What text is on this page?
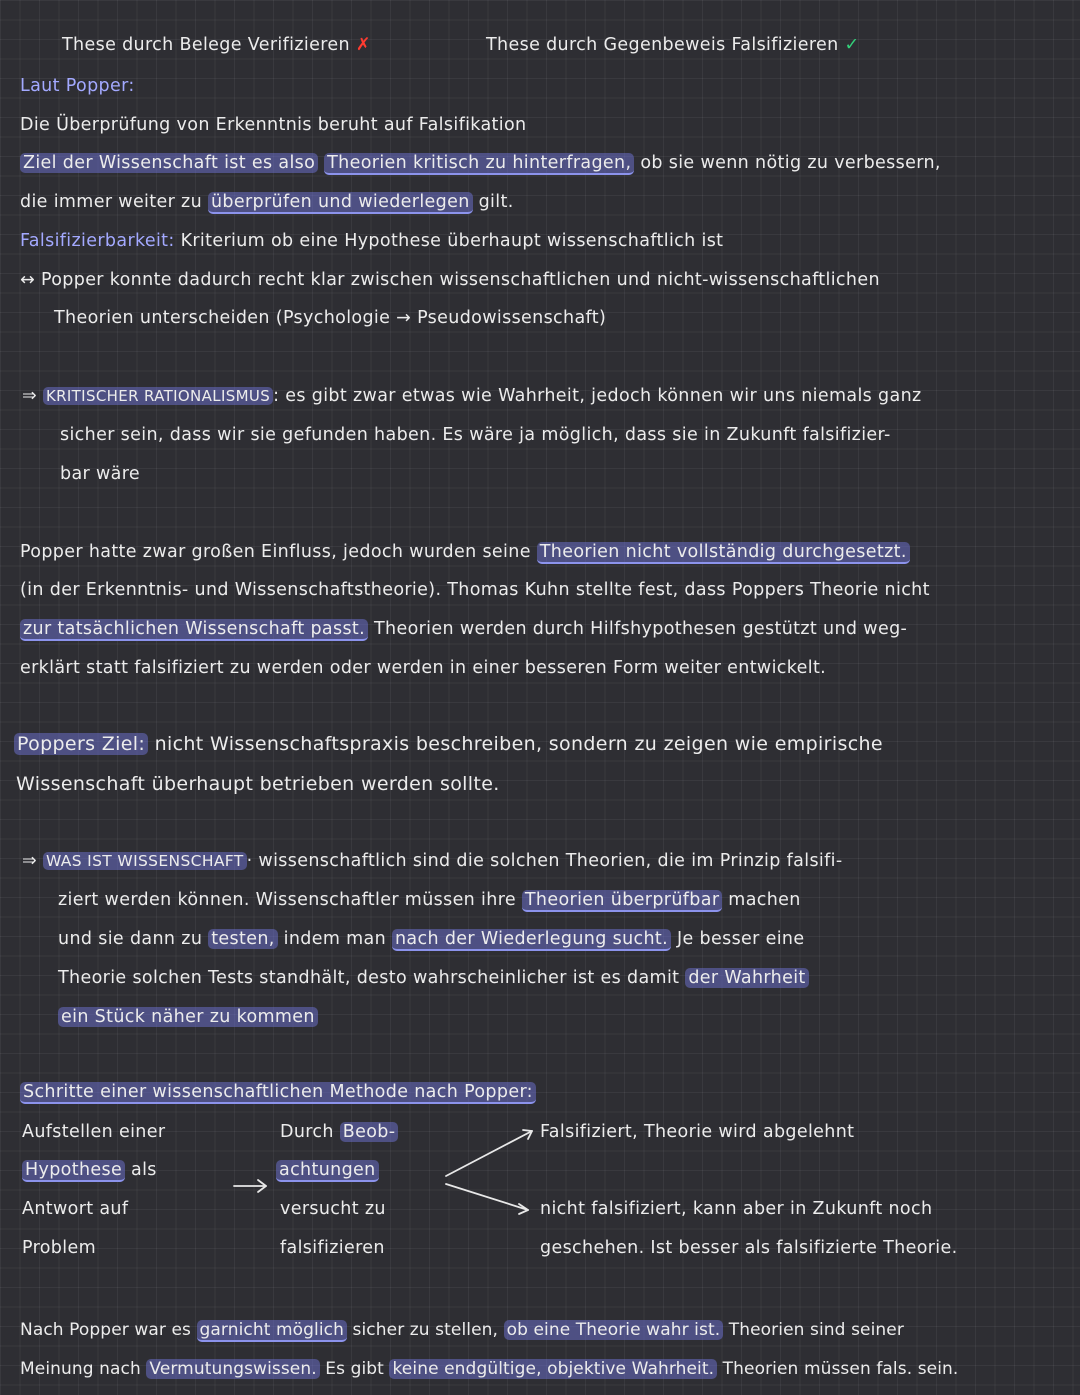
These durch Belege Verifizieren ✗	These durch Gegenbeweis Falsifizieren ✓
Laut Popper:
Die Überprüfung von Erkenntnis beruht auf Falsifikation
Ziel der Wissenschaft ist es also Theorien kritisch zu hinterfragen, ob sie wenn nötig zu verbessern,
die immer weiter zu überprüfen und wiederlegen gilt.
Falsifizierbarkeit: Kriterium ob eine Hypothese überhaupt wissenschaftlich ist
↔ Popper konnte dadurch recht klar zwischen wissenschaftlichen und nicht-wissenschaftlichen
Theorien unterscheiden (Psychologie → Pseudowissenschaft)
⇒ KRITISCHER RATIONALISMUS : es gibt zwar etwas wie Wahrheit, jedoch können wir uns niemals ganz
sicher sein, dass wir sie gefunden haben. Es wäre ja möglich, dass sie in Zukunft falsifizier-
bar wäre
Popper hatte zwar großen Einfluss, jedoch wurden seine Theorien nicht vollständig durchgesetzt.
(in der Erkenntnis- und Wissenschaftstheorie). Thomas Kuhn stellte fest, dass Poppers Theorie nicht
zur tatsächlichen Wissenschaft passt. Theorien werden durch Hilfshypothesen gestützt und weg-
erklärt statt falsifiziert zu werden oder werden in einer besseren Form weiter entwickelt.
Poppers Ziel: nicht Wissenschaftspraxis beschreiben, sondern zu zeigen wie empirische
Wissenschaft überhaupt betrieben werden sollte.
⇒ WAS IST WISSENSCHAFT · wissenschaftlich sind die solchen Theorien, die im Prinzip falsifi-
ziert werden können. Wissenschaftler müssen ihre Theorien überprüfbar machen
und sie dann zu testen, indem man nach der Wiederlegung sucht. Je besser eine
Theorie solchen Tests standhält, desto wahrscheinlicher ist es damit der Wahrheit
ein Stück näher zu kommen
Schritte einer wissenschaftlichen Methode nach Popper:
Aufstellen einer
Hypothese als
Antwort auf
Problem
Durch Beob-
achtungen
versucht zu
falsifizieren
Falsifiziert, Theorie wird abgelehnt
nicht falsifiziert, kann aber in Zukunft noch
geschehen. Ist besser als falsifizierte Theorie.
Nach Popper war es garnicht möglich sicher zu stellen, ob eine Theorie wahr ist. Theorien sind seiner
Meinung nach Vermutungswissen. Es gibt keine endgültige, objektive Wahrheit. Theorien müssen fals. sein.
